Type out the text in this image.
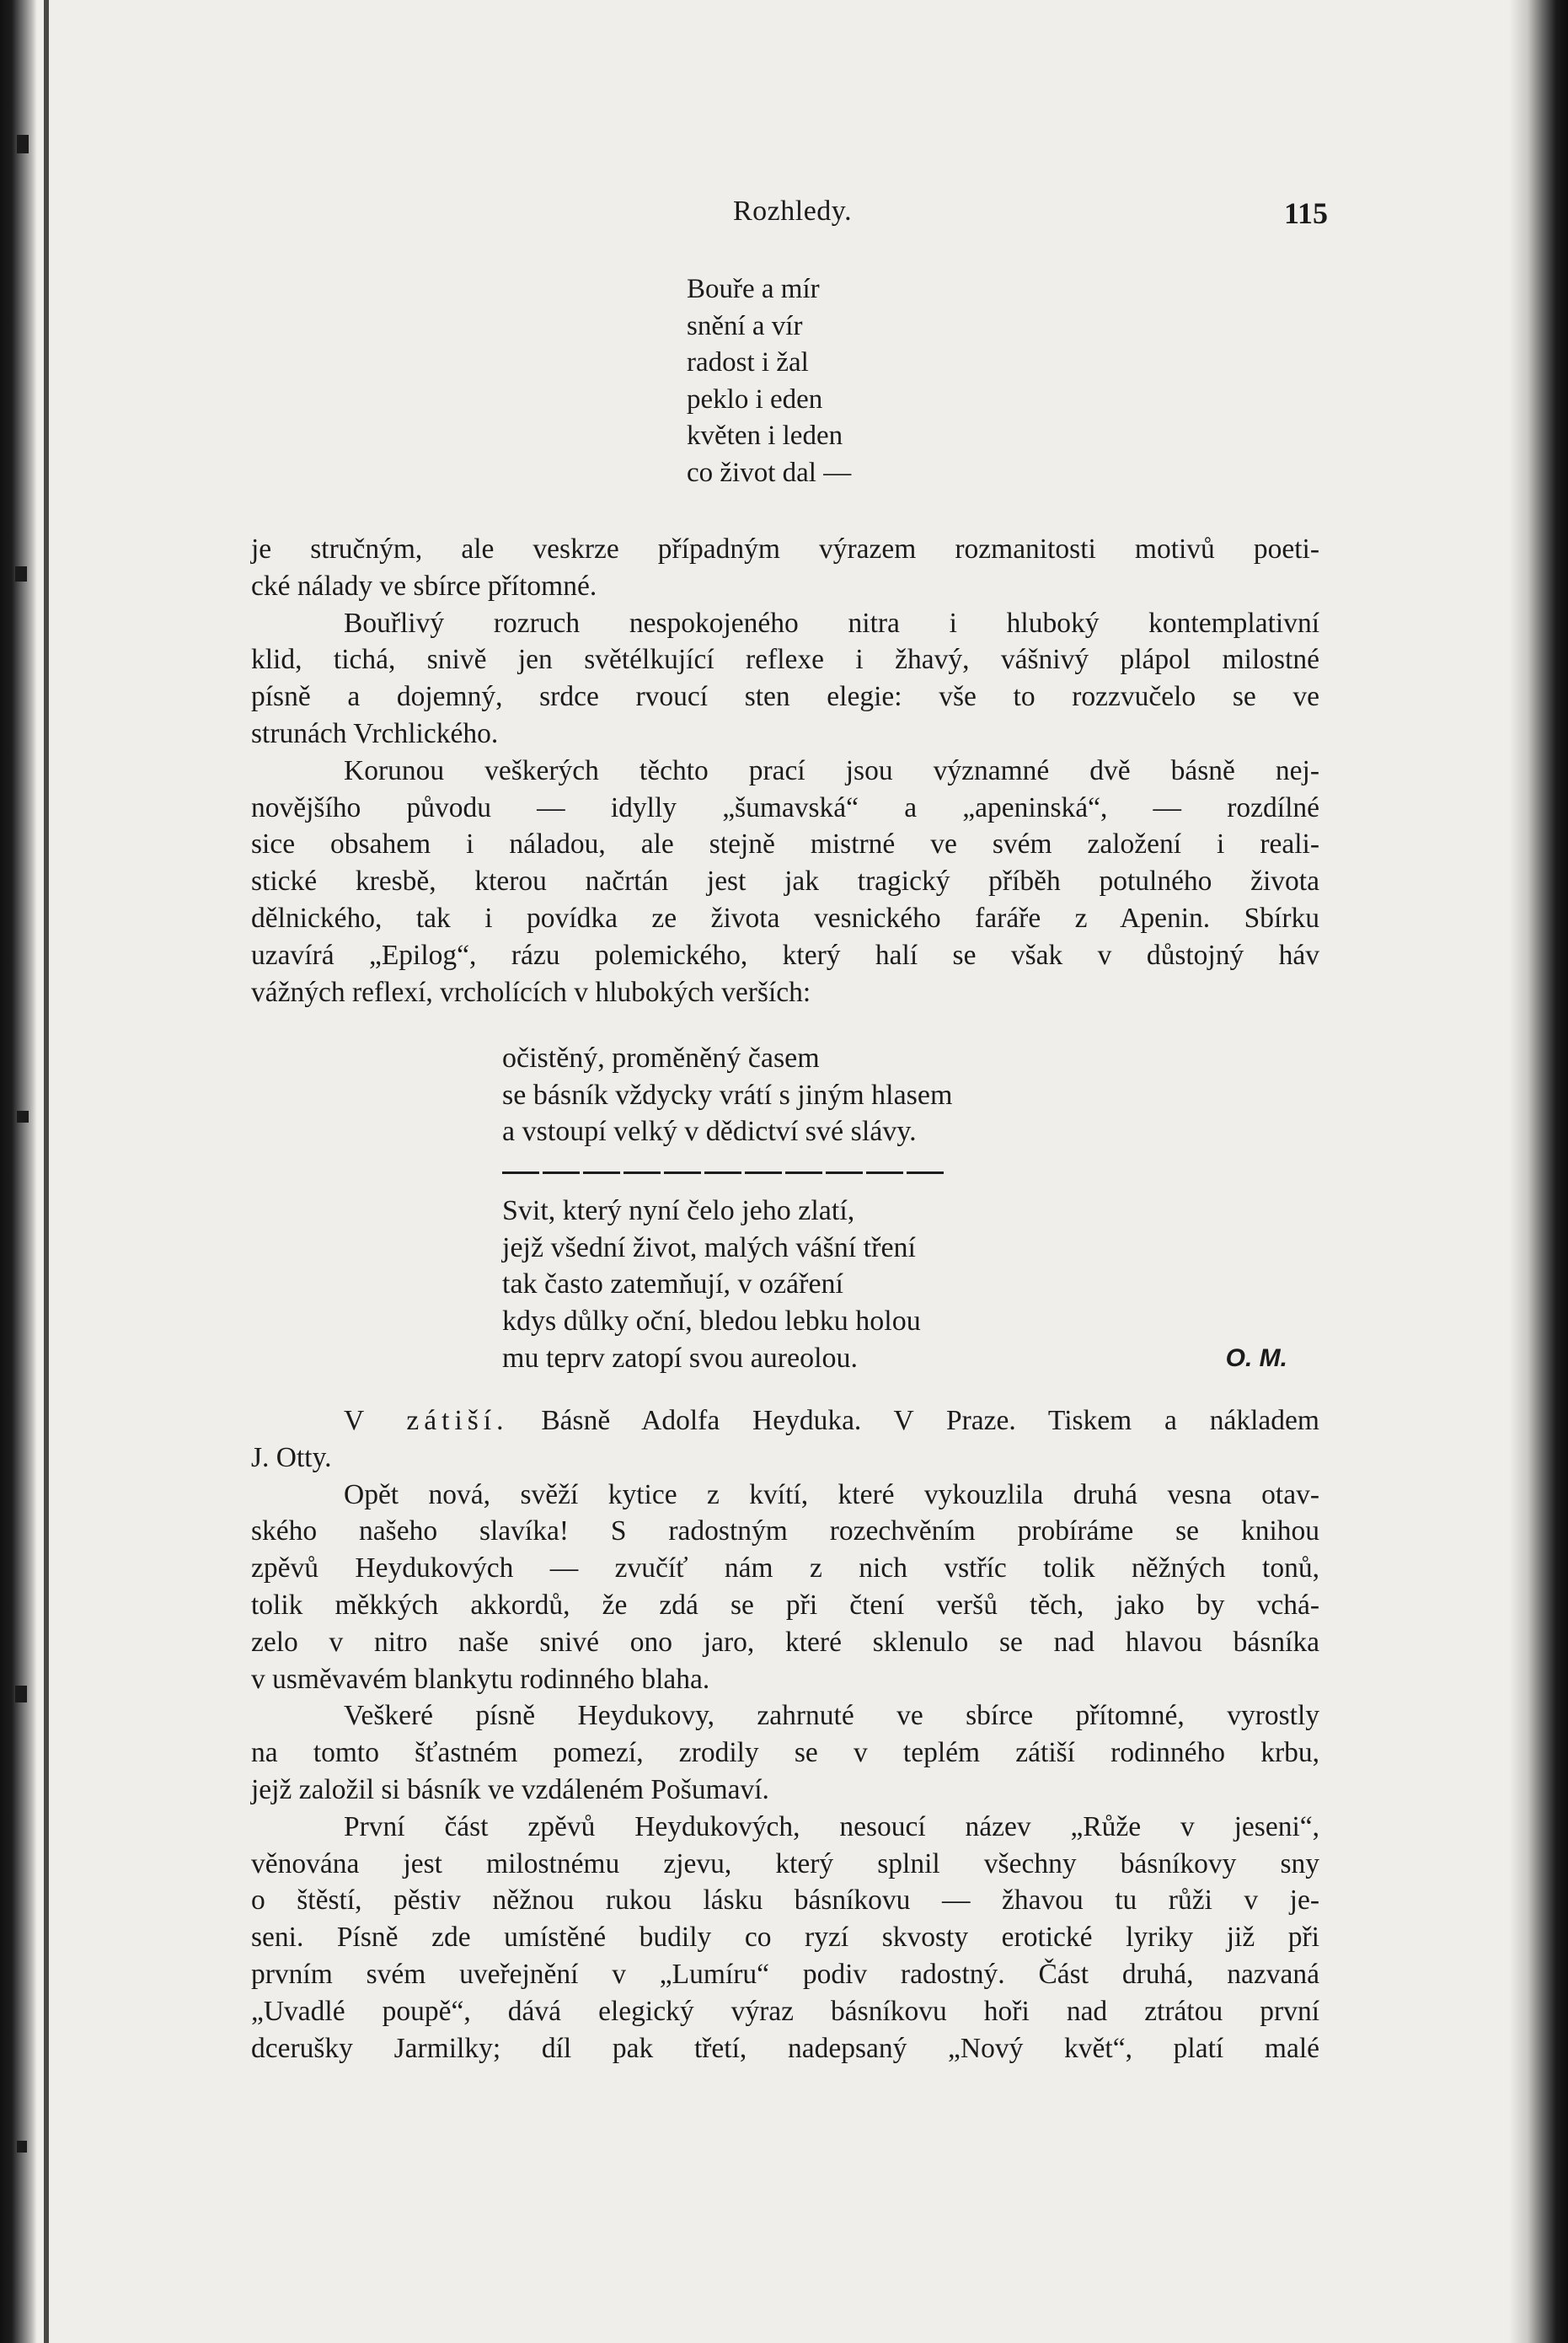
Rozhledy.	115
Bouře a mír
snění a vír
radost i žal
peklo i eden
květen i leden
co život dal —

je stručným, ale veskrze případným výrazem rozmanitosti motivů poeti-

cké nálady ve sbírce přítomné.

Bouřlivý rozruch nespokojeného nitra i hluboký kontemplativní

klid, tichá, snivě jen světélkující reflexe i žhavý, vášnivý plápol milostné

písně a dojemný, srdce rvoucí sten elegie: vše to rozzvučelo se ve

strunách Vrchlického.

Korunou veškerých těchto prací jsou významné dvě básně nej-

novějšího původu — idylly „šumavská“ a „apeninská“, — rozdílné

sice obsahem i náladou, ale stejně mistrné ve svém založení i reali-

stické kresbě, kterou načrtán jest jak tragický příběh potulného života

dělnického, tak i povídka ze života vesnického faráře z Apenin. Sbírku

uzavírá „Epilog“, rázu polemického, který halí se však v důstojný háv

vážných reflexí, vrcholících v hlubokých verších:

očistěný, proměněný časem
se básník vždycky vrátí s jiným hlasem
a vstoupí velký v dědictví své slávy.
Svit, který nyní čelo jeho zlatí,
jejž všední život, malých vášní tření
tak často zatemňují, v ozáření
kdys důlky oční, bledou lebku holou
mu teprv zatopí svou aureolou.	O. M.

V zátiší. Básně Adolfa Heyduka. V Praze. Tiskem a nákladem

J. Otty.

Opět nová, svěží kytice z kvítí, které vykouzlila druhá vesna otav-

ského našeho slavíka! S radostným rozechvěním probíráme se knihou

zpěvů Heydukových — zvučíť nám z nich vstříc tolik něžných tonů,

tolik měkkých akkordů, že zdá se při čtení veršů těch, jako by vchá-

zelo v nitro naše snivé ono jaro, které sklenulo se nad hlavou básníka

v usměvavém blankytu rodinného blaha.

Veškeré písně Heydukovy, zahrnuté ve sbírce přítomné, vyrostly

na tomto šťastném pomezí, zrodily se v teplém zátiší rodinného krbu,

jejž založil si básník ve vzdáleném Pošumaví.

První část zpěvů Heydukových, nesoucí název „Růže v jeseni“,

věnována jest milostnému zjevu, který splnil všechny básníkovy sny

o štěstí, pěstiv něžnou rukou lásku básníkovu — žhavou tu růži v je-

seni. Písně zde umístěné budily co ryzí skvosty erotické lyriky již při

prvním svém uveřejnění v „Lumíru“ podiv radostný. Část druhá, nazvaná

„Uvadlé poupě“, dává elegický výraz básníkovu hoři nad ztrátou první

dcerušky Jarmilky; díl pak třetí, nadepsaný „Nový květ“, platí malé
